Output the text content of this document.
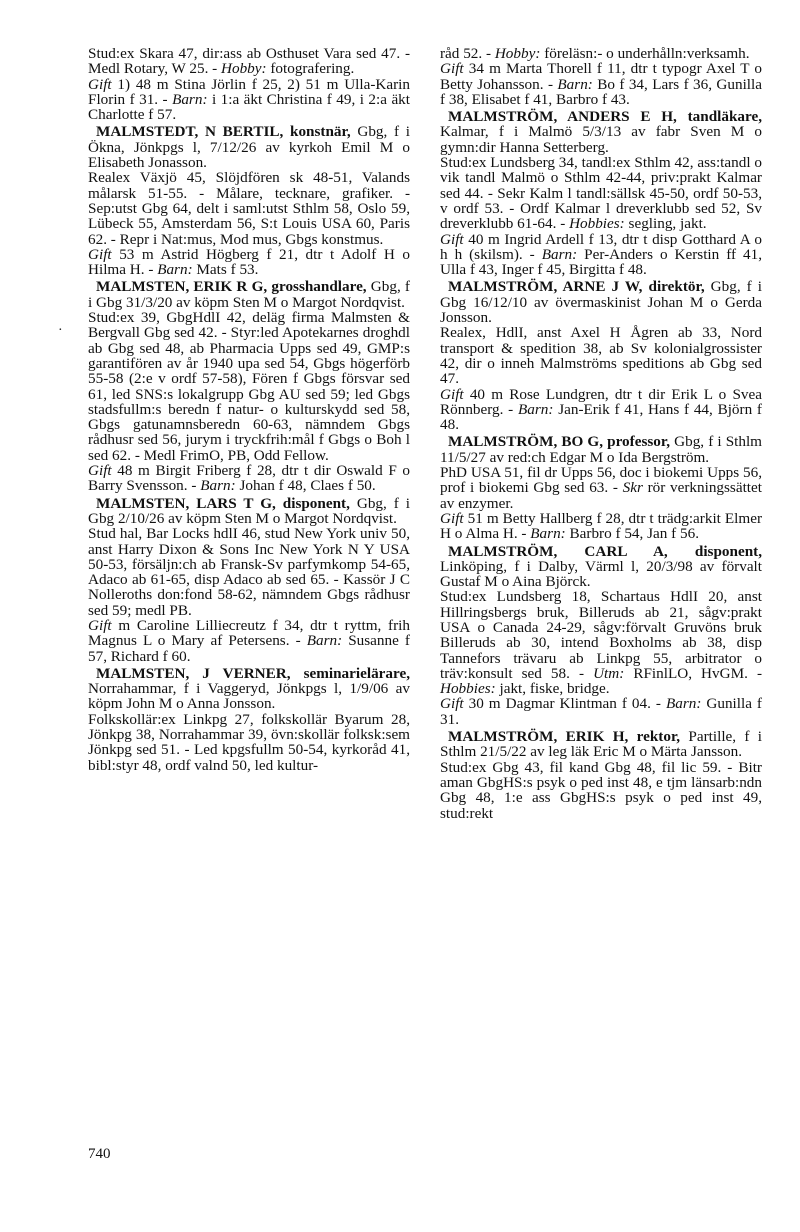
Stud:ex Skara 47, dir:ass ab Osthuset Vara sed 47. - Medl Rotary, W 25. - Hobby: fotografering.

Gift 1) 48 m Stina Jörlin f 25, 2) 51 m Ulla-Karin Florin f 31. - Barn: i 1:a äkt Christina f 49, i 2:a äkt Charlotte f 57.

MALMSTEDT, N BERTIL, konstnär, Gbg, f i Ökna, Jönkpgs l, 7/12/26 av kyrkoh Emil M o Elisabeth Jonasson.

Realex Växjö 45, Slöjdfören sk 48-51, Valands målarsk 51-55. - Målare, tecknare, grafiker. - Sep:utst Gbg 64, delt i saml:utst Sthlm 58, Oslo 59, Lübeck 55, Amsterdam 56, S:t Louis USA 60, Paris 62. - Repr i Nat:mus, Mod mus, Gbgs konstmus.

Gift 53 m Astrid Högberg f 21, dtr t Adolf H o Hilma H. - Barn: Mats f 53.

MALMSTEN, ERIK R G, grosshandlare, Gbg, f i Gbg 31/3/20 av köpm Sten M o Margot Nordqvist.

Stud:ex 39, GbgHdlI 42, deläg firma Malmsten & Bergvall Gbg sed 42. - Styr:led Apotekarnes droghdl ab Gbg sed 48, ab Pharmacia Upps sed 49, GMP:s garantifören av år 1940 upa sed 54, Gbgs högerförb 55-58 (2:e v ordf 57-58), Fören f Gbgs försvar sed 61, led SNS:s lokalgrupp Gbg AU sed 59; led Gbgs stadsfullm:s beredn f natur- o kulturskydd sed 58, Gbgs gatunamnsberedn 60-63, nämndem Gbgs rådhusr sed 56, jurym i tryckfrih:mål f Gbgs o Boh l sed 62. - Medl FrimO, PB, Odd Fellow.

Gift 48 m Birgit Friberg f 28, dtr t dir Oswald F o Barry Svensson. - Barn: Johan f 48, Claes f 50.

MALMSTEN, LARS T G, disponent, Gbg, f i Gbg 2/10/26 av köpm Sten M o Margot Nordqvist.

Stud hal, Bar Locks hdlI 46, stud New York univ 50, anst Harry Dixon & Sons Inc New York N Y USA 50-53, försäljn:ch ab Fransk-Sv parfymkomp 54-65, Adaco ab 61-65, disp Adaco ab sed 65. - Kassör J C Nolleroths don:fond 58-62, nämndem Gbgs rådhusr sed 59; medl PB.

Gift m Caroline Lilliecreutz f 34, dtr t ryttm, frih Magnus L o Mary af Petersens. - Barn: Susanne f 57, Richard f 60.

MALMSTEN, J VERNER, seminarielärare, Norrahammar, f i Vaggeryd, Jönkpgs l, 1/9/06 av köpm John M o Anna Jonsson.

Folkskollär:ex Linkpg 27, folkskollär Byarum 28, Jönkpg 38, Norrahammar 39, övn:skollär folksk:sem Jönkpg sed 51. - Led kpgsfullm 50-54, kyrkoråd 41, bibl:styr 48, ordf valnd 50, led kultur-

råd 52. - Hobby: föreläsn:- o underhålln:verksamh.

Gift 34 m Marta Thorell f 11, dtr t typogr Axel T o Betty Johansson. - Barn: Bo f 34, Lars f 36, Gunilla f 38, Elisabet f 41, Barbro f 43.

MALMSTRÖM, ANDERS E H, tandläkare, Kalmar, f i Malmö 5/3/13 av fabr Sven M o gymn:dir Hanna Setterberg.

Stud:ex Lundsberg 34, tandl:ex Sthlm 42, ass:tandl o vik tandl Malmö o Sthlm 42-44, priv:prakt Kalmar sed 44. - Sekr Kalm l tandl:sällsk 45-50, ordf 50-53, v ordf 53. - Ordf Kalmar l dreverklubb sed 52, Sv dreverklubb 61-64. - Hobbies: segling, jakt.

Gift 40 m Ingrid Ardell f 13, dtr t disp Gotthard A o h h (skilsm). - Barn: Per-Anders o Kerstin ff 41, Ulla f 43, Inger f 45, Birgitta f 48.

MALMSTRÖM, ARNE J W, direktör, Gbg, f i Gbg 16/12/10 av övermaskinist Johan M o Gerda Jonsson.

Realex, HdlI, anst Axel H Ågren ab 33, Nord transport & spedition 38, ab Sv kolonialgrossister 42, dir o inneh Malmströms speditions ab Gbg sed 47.

Gift 40 m Rose Lundgren, dtr t dir Erik L o Svea Rönnberg. - Barn: Jan-Erik f 41, Hans f 44, Björn f 48.

MALMSTRÖM, BO G, professor, Gbg, f i Sthlm 11/5/27 av red:ch Edgar M o Ida Bergström.

PhD USA 51, fil dr Upps 56, doc i biokemi Upps 56, prof i biokemi Gbg sed 63. - Skr rör verkningssättet av enzymer.

Gift 51 m Betty Hallberg f 28, dtr t trädg:arkit Elmer H o Alma H. - Barn: Barbro f 54, Jan f 56.

MALMSTRÖM, CARL A, disponent, Linköping, f i Dalby, Värml l, 20/3/98 av förvalt Gustaf M o Aina Björck.

Stud:ex Lundsberg 18, Schartaus HdlI 20, anst Hillringsbergs bruk, Billeruds ab 21, sågv:prakt USA o Canada 24-29, sågv:förvalt Gruvöns bruk Billeruds ab 30, intend Boxholms ab 38, disp Tannefors trävaru ab Linkpg 55, arbitrator o träv:konsult sed 58. - Utm: RFinlLO, HvGM. - Hobbies: jakt, fiske, bridge.

Gift 30 m Dagmar Klintman f 04. - Barn: Gunilla f 31.

MALMSTRÖM, ERIK H, rektor, Partille, f i Sthlm 21/5/22 av leg läk Eric M o Märta Jansson.

Stud:ex Gbg 43, fil kand Gbg 48, fil lic 59. - Bitr aman GbgHS:s psyk o ped inst 48, e tjm länsarb:ndn Gbg 48, 1:e ass GbgHS:s psyk o ped inst 49, stud:rekt

·
740
